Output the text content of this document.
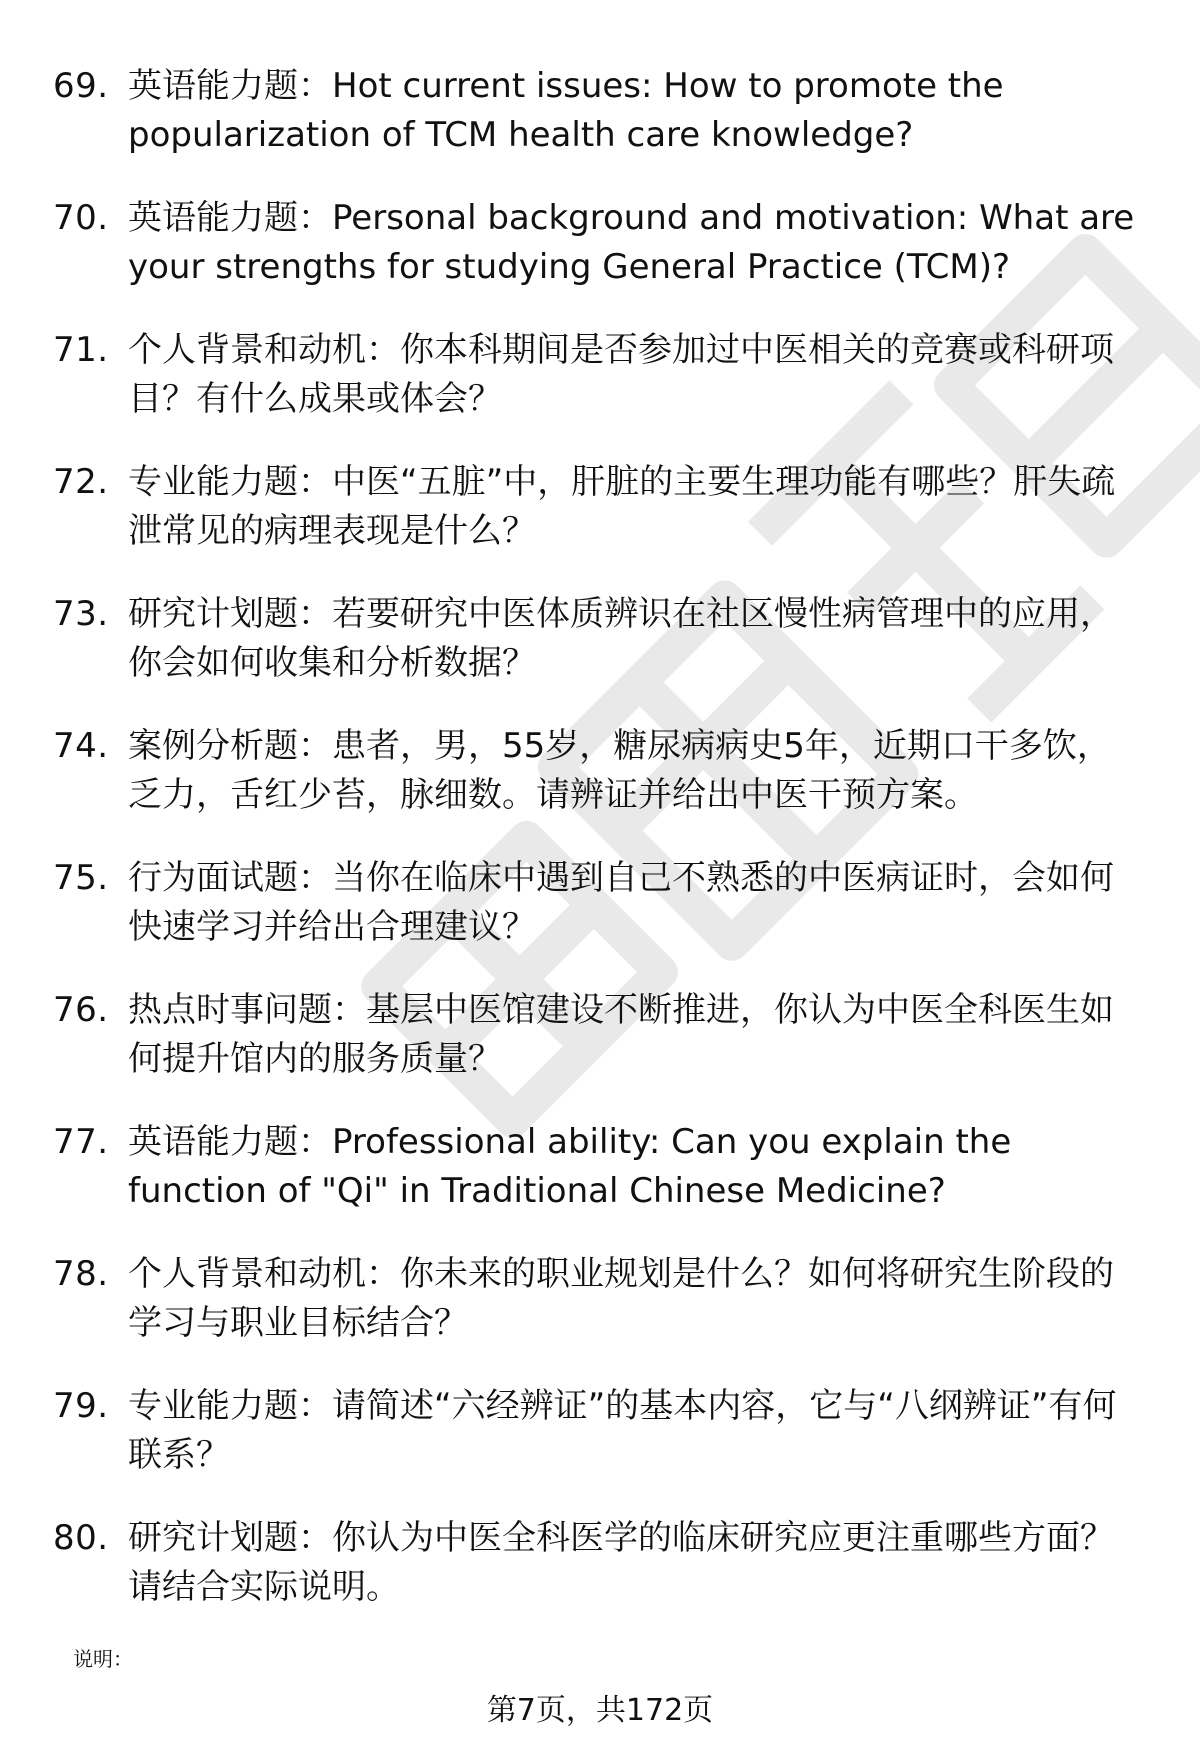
69. 英语能力题：Hot current issues: How to promote the popularization of TCM health care knowledge?
70. 英语能力题：Personal background and motivation: What are your strengths for studying General Practice (TCM)?
71. 个人背景和动机：你本科期间是否参加过中医相关的竞赛或科研项目？有什么成果或体会？
72. 专业能力题：中医“五脏”中，肝脏的主要生理功能有哪些？肝失疏泄常见的病理表现是什么？
73. 研究计划题：若要研究中医体质辨识在社区慢性病管理中的应用，你会如何收集和分析数据？
74. 案例分析题：患者，男，55岁，糖尿病病史5年，近期口干多饮，乏力，舌红少苔，脉细数。请辨证并给出中医干预方案。
75. 行为面试题：当你在临床中遇到自己不熟悉的中医病证时，会如何快速学习并给出合理建议？
76. 热点时事问题：基层中医馆建设不断推进，你认为中医全科医生如何提升馆内的服务质量？
77. 英语能力题：Professional ability: Can you explain the function of "Qi" in Traditional Chinese Medicine?
78. 个人背景和动机：你未来的职业规划是什么？如何将研究生阶段的学习与职业目标结合？
79. 专业能力题：请简述“六经辨证”的基本内容，它与“八纲辨证”有何联系？
80. 研究计划题：你认为中医全科医学的临床研究应更注重哪些方面？请结合实际说明。
说明：
第7页，共172页
